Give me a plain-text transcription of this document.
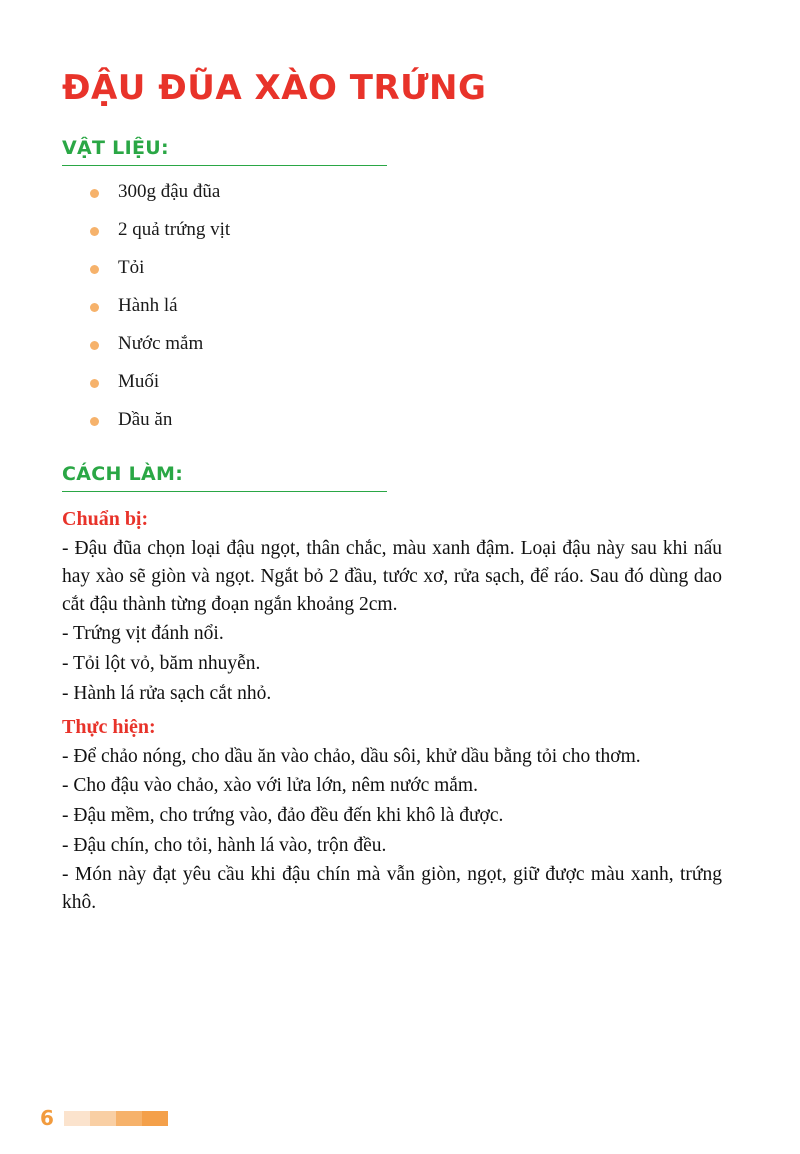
ĐẬU ĐŨA XÀO TRỨNG
VẬT LIỆU:
300g đậu đũa
2 quả trứng vịt
Tỏi
Hành lá
Nước mắm
Muối
Dầu ăn
CÁCH LÀM:
Chuẩn bị:

- Đậu đũa chọn loại đậu ngọt, thân chắc, màu xanh đậm. Loại đậu này sau khi nấu hay xào sẽ giòn và ngọt. Ngắt bỏ 2 đầu, tước xơ, rửa sạch, để ráo. Sau đó dùng dao cắt đậu thành từng đoạn ngắn khoảng 2cm.

- Trứng vịt đánh nổi.

- Tỏi lột vỏ, băm nhuyễn.

- Hành lá rửa sạch cắt nhỏ.

Thực hiện:

- Để chảo nóng, cho dầu ăn vào chảo, dầu sôi, khử dầu bằng tỏi cho thơm.

- Cho đậu vào chảo, xào với lửa lớn, nêm nước mắm.

- Đậu mềm, cho trứng vào, đảo đều đến khi khô là được.

- Đậu chín, cho tỏi, hành lá vào, trộn đều.

- Món này đạt yêu cầu khi đậu chín mà vẫn giòn, ngọt, giữ được màu xanh, trứng khô.

6
